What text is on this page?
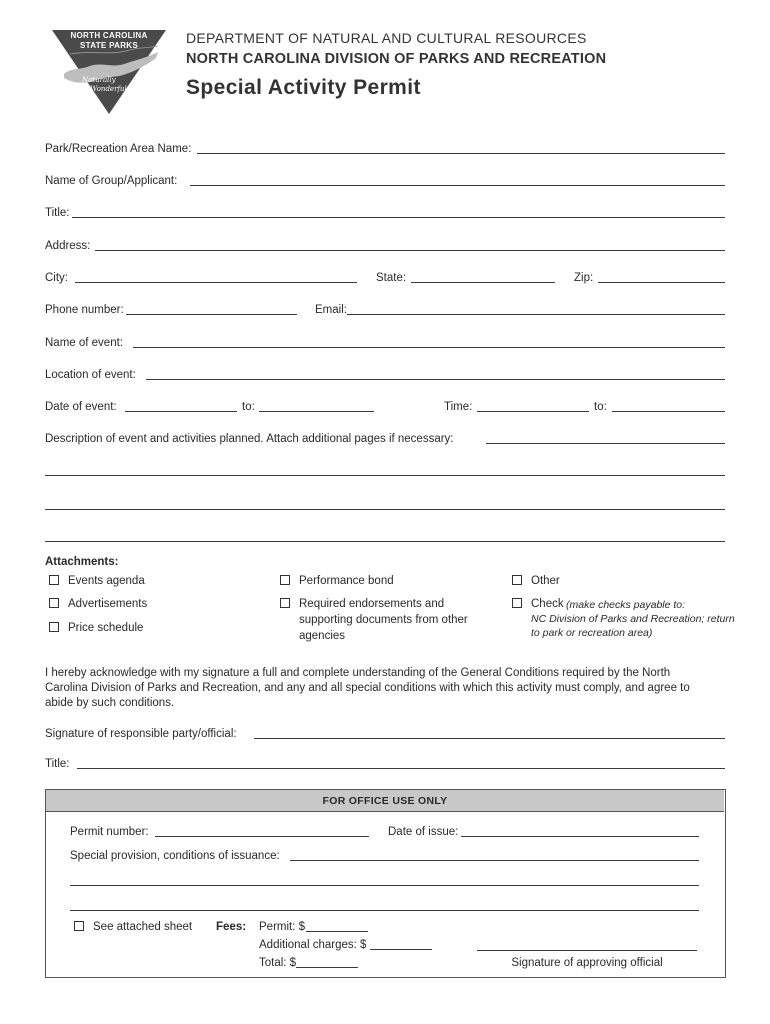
NORTH CAROLINA
STATE PARKS
Naturally
Wonderful
DEPARTMENT OF NATURAL AND CULTURAL RESOURCES
NORTH CAROLINA DIVISION OF PARKS AND RECREATION
Special Activity Permit
Park/Recreation Area Name:
Name of Group/Applicant:
Title:
Address:
City:	State:	Zip:
Phone number:	Email:
Name of event:
Location of event:
Date of event:	to:	Time:	to:
Description of event and activities planned. Attach additional pages if necessary:
Attachments:
Events agenda
Advertisements
Price schedule
Performance bond
Required endorsements and
supporting documents from other
agencies
Other
Check (make checks payable to:
NC Division of Parks and Recreation; return
to park or recreation area)
I hereby acknowledge with my signature a full and complete understanding of the General Conditions required by the North
Carolina Division of Parks and Recreation, and any and all special conditions with which this activity must comply, and agree to
abide by such conditions.
Signature of responsible party/official:
Title:
FOR OFFICE USE ONLY
Permit number:	Date of issue:
Special provision, conditions of issuance:
See attached sheet Fees: Permit: $
Additional charges: $
Total: $	Signature of approving official
